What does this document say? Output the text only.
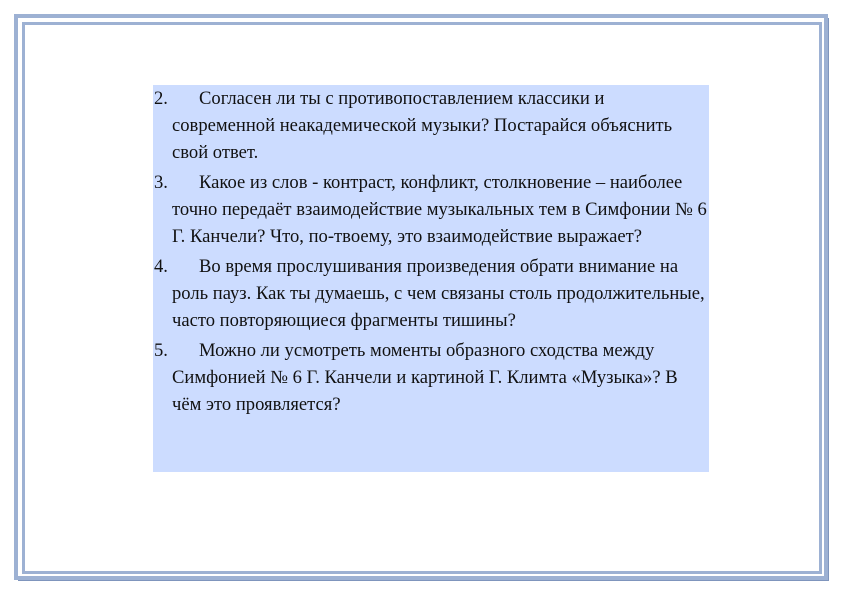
2.	Согласен ли ты с противопоставлением классики и современной неакадемической музыки? Постарайся объяснить свой ответ.
3.	Какое из слов - контраст, конфликт, столкновение – наиболее точно передаёт взаимодействие музыкальных тем в Симфонии № 6 Г. Канчели? Что, по-твоему, это взаимодействие выражает?
4.	Во время прослушивания произведения обрати внимание на роль пауз. Как ты думаешь, с чем связаны столь продолжительные, часто повторяющиеся фрагменты тишины?
5.	Можно ли усмотреть моменты образного сходства между Симфонией № 6 Г. Канчели и картиной Г. Климта «Музыка»? В чём это проявляется?
